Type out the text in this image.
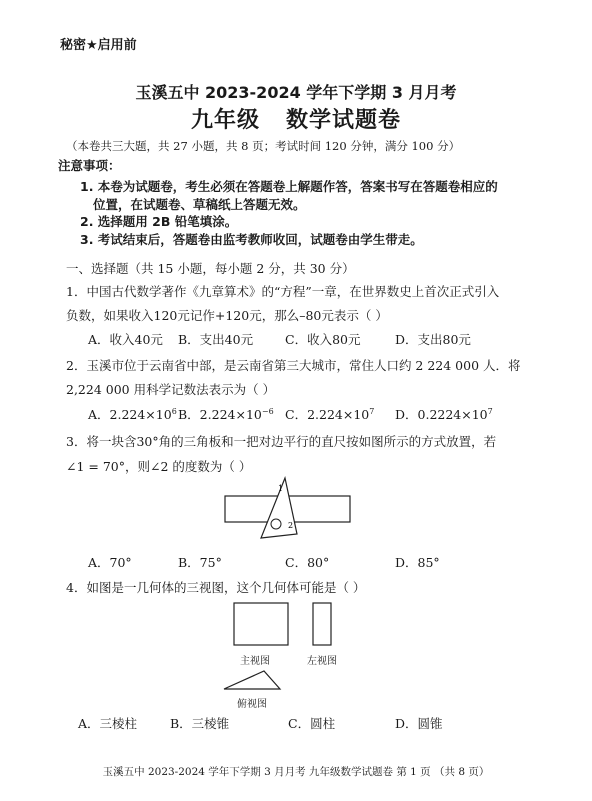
秘密★启用前
玉溪五中 2023-2024 学年下学期 3 月月考
九年级 数学试题卷
（本卷共三大题，共 27 小题，共 8 页；考试时间 120 分钟，满分 100 分）
注意事项：
1. 本卷为试题卷，考生必须在答题卷上解题作答，答案书写在答题卷相应的
位置，在试题卷、草稿纸上答题无效。
2. 选择题用 2B 铅笔填涂。
3. 考试结束后，答题卷由监考教师收回，试题卷由学生带走。
一、选择题（共 15 小题，每小题 2 分，共 30 分）
1．中国古代数学著作《九章算术》的“方程”一章，在世界数史上首次正式引入
负数，如果收入120元记作+120元，那么–80元表示（ ）
A．收入40元 B．支出40元	C．收入80元	D．支出80元
2．玉溪市位于云南省中部，是云南省第三大城市，常住人口约 2 224 000 人．将
2,224 000 用科学记数法表示为（ ）
A．$2.224\times 10^6$ B．$2.224\times 10^{-6}$ C．$2.224\times 10^7$ D．$0.2224\times 10^7$
3．将一块含30°角的三角板和一把对边平行的直尺按如图所示的方式放置，若
∠1 = 70°，则∠2 的度数为（ ）
1
2
A．70°	B．75°	C．80°	D．85°
4．如图是一几何体的三视图，这个几何体可能是（ ）
主视图	左视图
俯视图
A．三棱柱	B．三棱锥	C．圆柱	D．圆锥
玉溪五中 2023-2024 学年下学期 3 月月考 九年级数学试题卷 第 1 页 （共 8 页）
